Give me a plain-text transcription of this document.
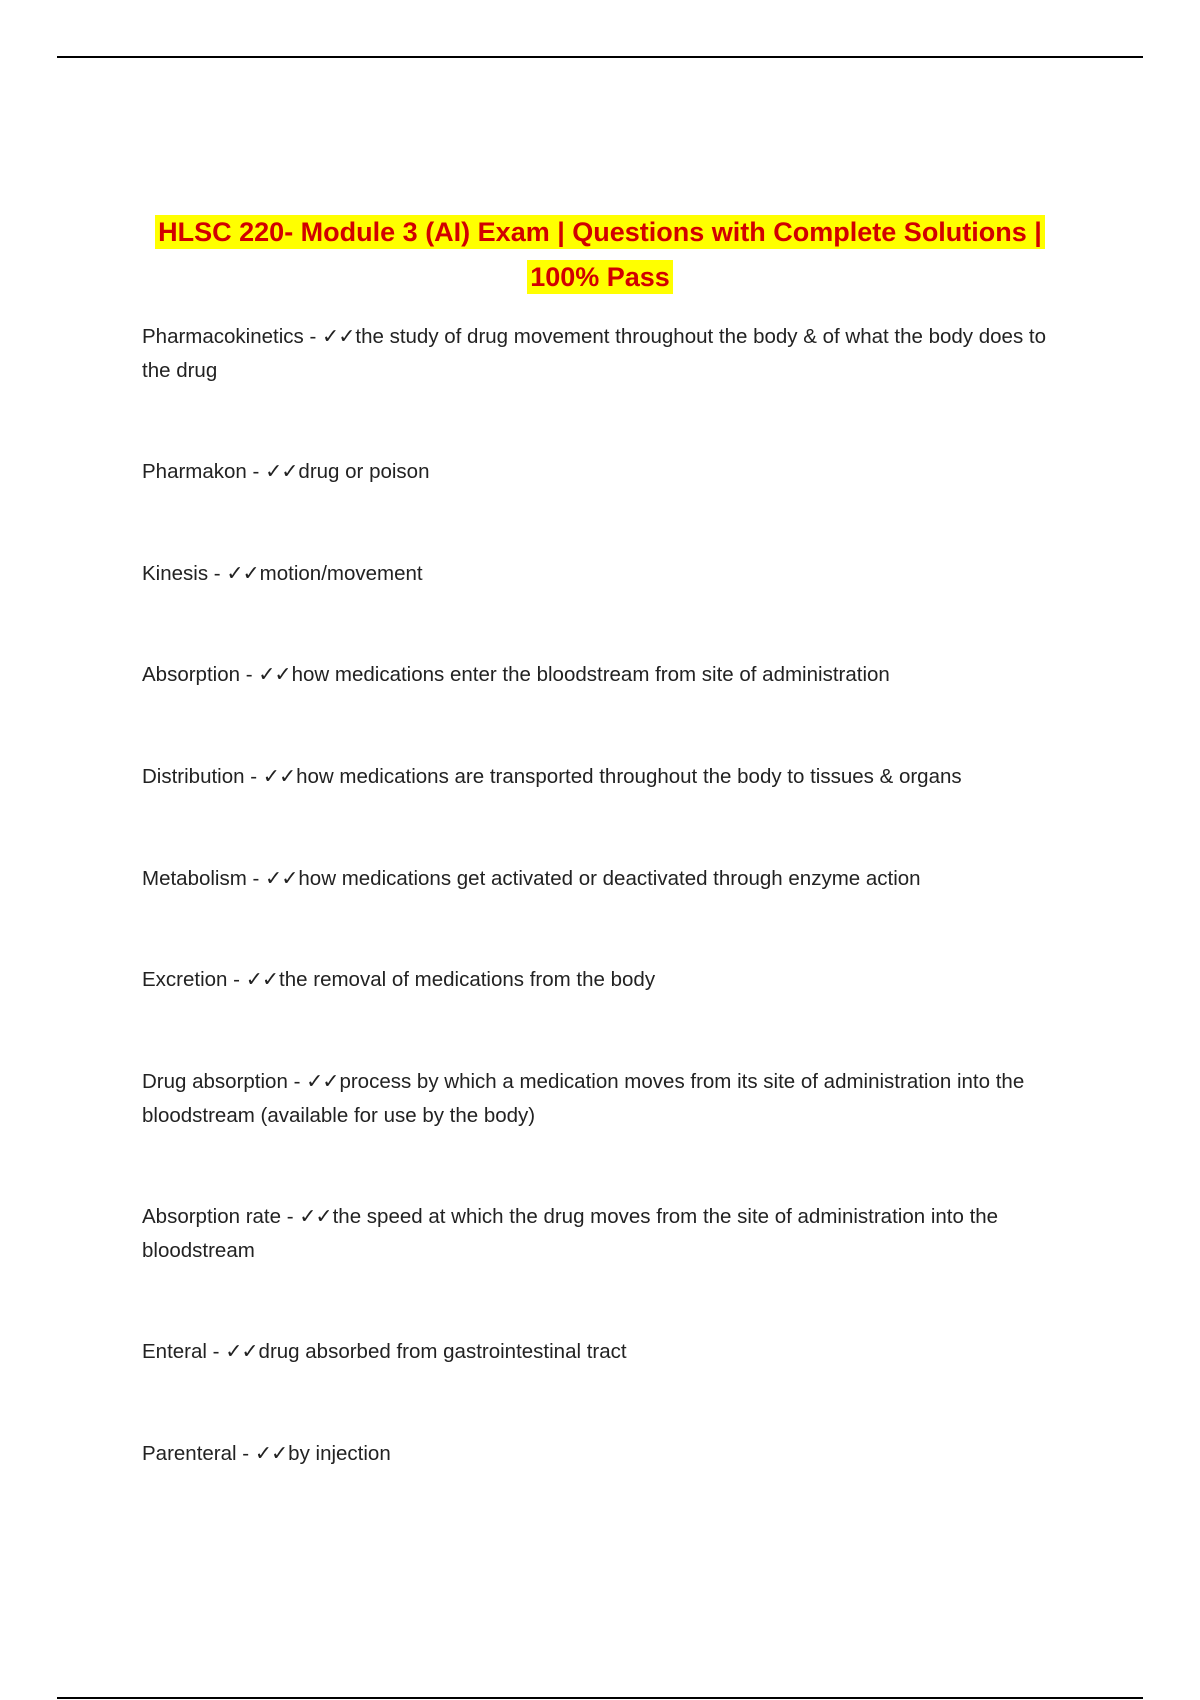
HLSC 220- Module 3 (AI) Exam | Questions with Complete Solutions | 100% Pass

Pharmacokinetics - ✓✓the study of drug movement throughout the body & of what the body does to the drug

Pharmakon - ✓✓drug or poison

Kinesis - ✓✓motion/movement

Absorption - ✓✓how medications enter the bloodstream from site of administration

Distribution - ✓✓how medications are transported throughout the body to tissues & organs

Metabolism - ✓✓how medications get activated or deactivated through enzyme action

Excretion - ✓✓the removal of medications from the body

Drug absorption - ✓✓process by which a medication moves from its site of administration into the bloodstream (available for use by the body)

Absorption rate - ✓✓the speed at which the drug moves from the site of administration into the bloodstream

Enteral - ✓✓drug absorbed from gastrointestinal tract

Parenteral - ✓✓by injection
